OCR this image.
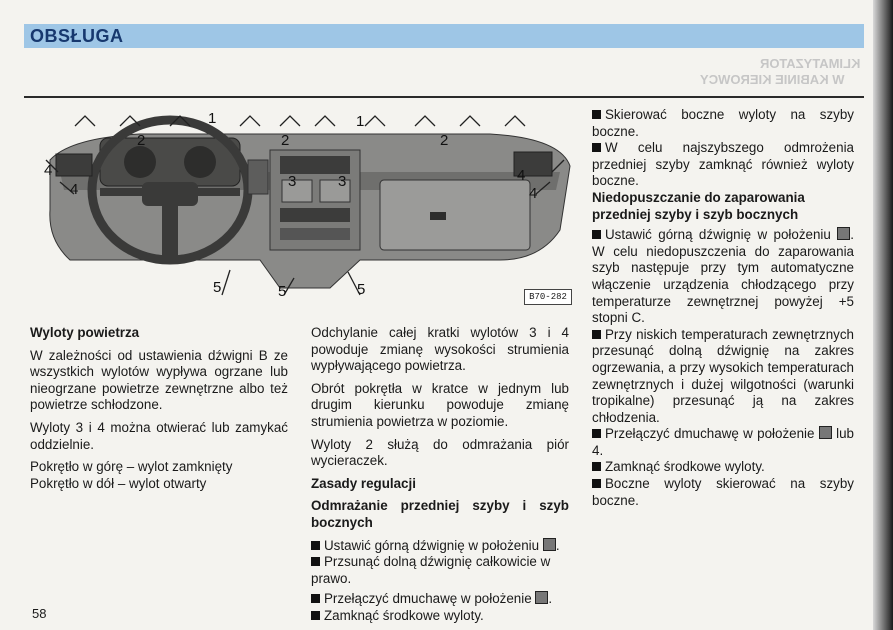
OBSŁUGA
KLIMATYZATOR
W KABINIE KIEROWCY
1	1
2	2	2
3	3
4
4
4
4
5	5	5	B70-282

Wyloty powietrza

W zależności od ustawienia dźwigni B ze wszystkich wylotów wypływa ogrzane lub nieogrzane powietrze zewnętrzne albo też powietrze schłodzone.

Wyloty 3 i 4 można otwierać lub zamykać oddzielnie.

Pokrętło w górę – wylot zamknięty

Pokrętło w dół – wylot otwarty

Odchylanie całej kratki wylotów 3 i 4 powoduje zmianę wysokości strumienia wypływającego powietrza.

Obrót pokrętła w kratce w jednym lub drugim kierunku powoduje zmianę strumienia powietrza w poziomie.

Wyloty 2 służą do odmrażania piór wycieraczek.

Zasady regulacji

Odmrażanie przedniej szyby i szyb bocznych

Ustawić górną dźwignię w położeniu .

Przsunąć dolną dźwignię całkowicie w prawo.

Przełączyć dmuchawę w położenie .

Zamknąć środkowe wyloty.

Skierować boczne wyloty na szyby boczne.

W celu najszybszego odmrożenia przedniej szyby zamknąć również wyloty boczne.

Niedopuszczanie do zaparowania przedniej szyby i szyb bocznych

Ustawić górną dźwignię w położeniu . W celu niedopuszczenia do zaparowania szyb następuje przy tym automatyczne włączenie urządzenia chłodzącego przy temperaturze zewnętrznej powyżej +5 stopni C.

Przy niskich temperaturach zewnętrznych przesunąć dolną dźwignię na zakres ogrzewania, a przy wysokich temperaturach zewnętrznych i dużej wilgotności (warunki tropikalne) przesunąć ją na zakres chłodzenia.

Przełączyć dmuchawę w położenie lub 4.

Zamknąć środkowe wyloty.

Boczne wyloty skierować na szyby boczne.

58
